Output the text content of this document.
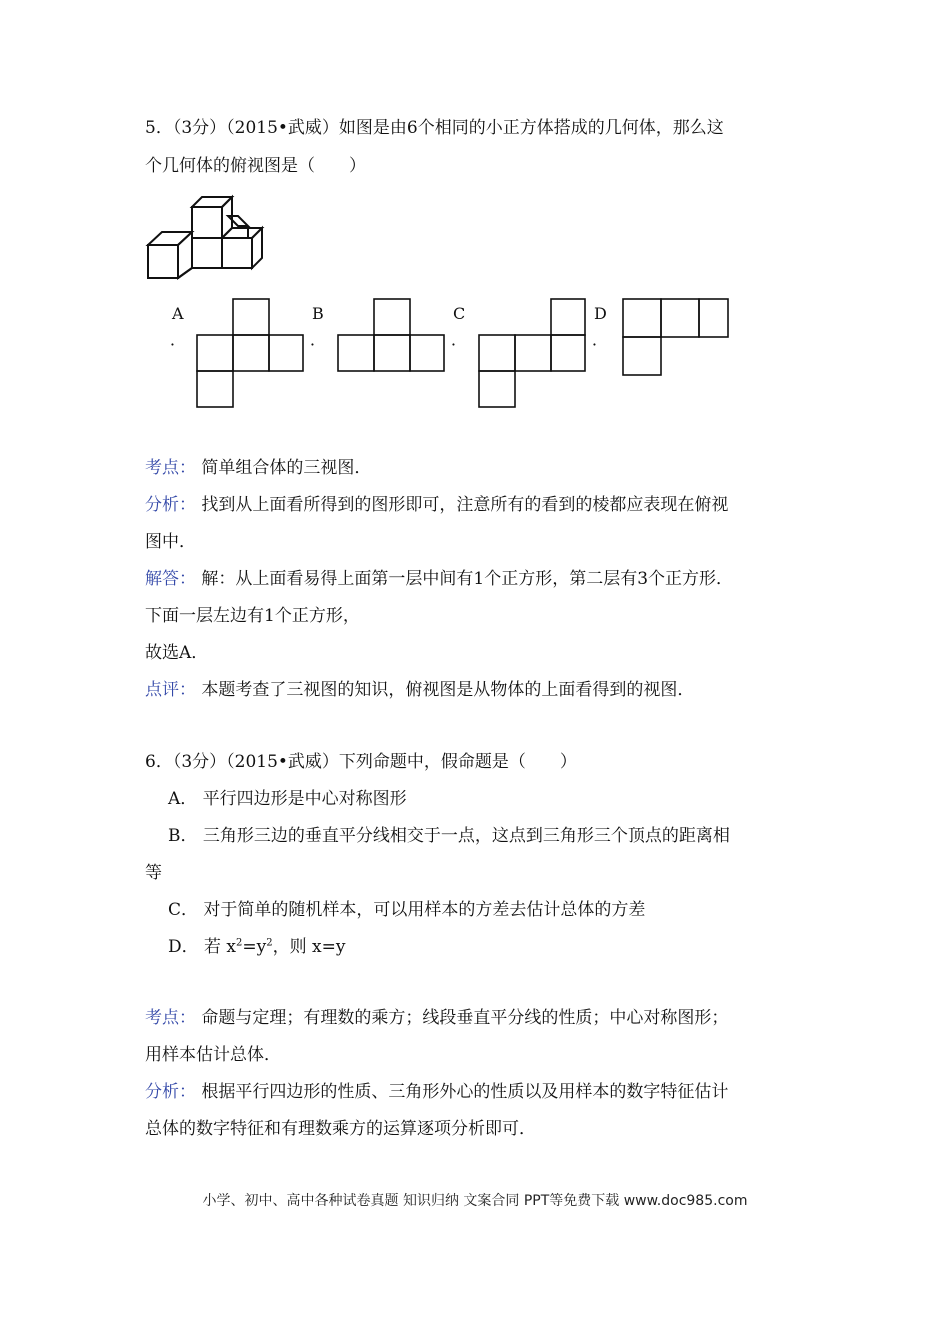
5．（3分）（2015•武威）如图是由6个相同的小正方体搭成的几何体，那么这
个几何体的俯视图是（　　）
A
．
B
．
C
．
D
．
考点： 简单组合体的三视图．
分析： 找到从上面看所得到的图形即可，注意所有的看到的棱都应表现在俯视
图中．
解答： 解：从上面看易得上面第一层中间有1个正方形，第二层有3个正方形．
下面一层左边有1个正方形，
故选A．
点评： 本题考查了三视图的知识，俯视图是从物体的上面看得到的视图．
6．（3分）（2015•武威）下列命题中，假命题是（　　）
A． 平行四边形是中心对称图形
B． 三角形三边的垂直平分线相交于一点，这点到三角形三个顶点的距离相
等
C． 对于简单的随机样本，可以用样本的方差去估计总体的方差
D． 若 $x^2=y^2$，则 x=y
考点： 命题与定理；有理数的乘方；线段垂直平分线的性质；中心对称图形；
用样本估计总体．
分析： 根据平行四边形的性质、三角形外心的性质以及用样本的数字特征估计
总体的数字特征和有理数乘方的运算逐项分析即可．
小学、初中、高中各种试卷真题 知识归纳 文案合同 PPT等免费下载 www.doc985.com
